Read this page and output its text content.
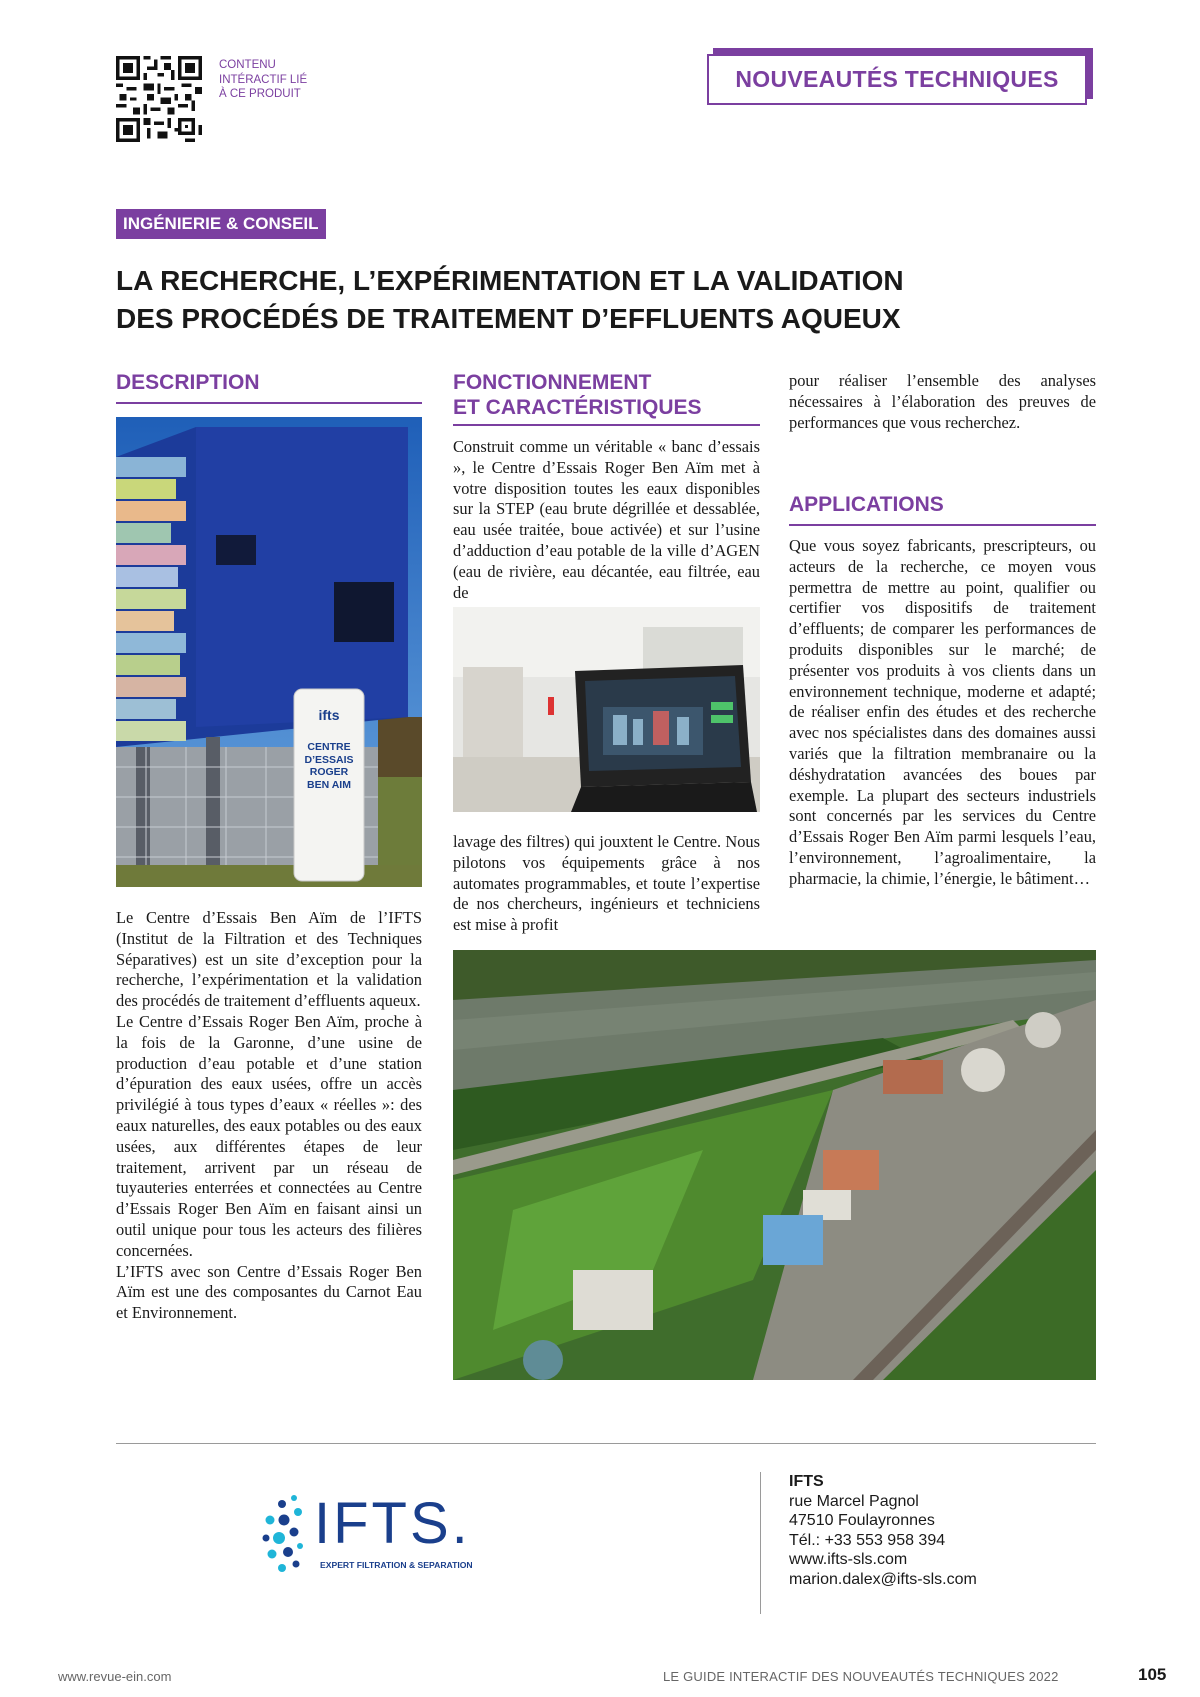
CONTENU
INTÉRACTIF LIÉ
À CE PRODUIT
NOUVEAUTÉS TECHNIQUES
INGÉNIERIE & CONSEIL
LA RECHERCHE, L’EXPÉRIMENTATION ET LA VALIDATION
DES PROCÉDÉS DE TRAITEMENT D’EFFLUENTS AQUEUX
DESCRIPTION
ifts
CENTRE
D’ESSAIS
ROGER
BEN AIM

Le Centre d’Essais Ben Aïm de l’IFTS (Institut de la Filtration et des Techniques Séparatives) est un site d’exception pour la recherche, l’expérimentation et la validation des procédés de traitement d’effluents aqueux.

Le Centre d’Essais Roger Ben Aïm, proche à la fois de la Garonne, d’une usine de production d’eau potable et d’une station d’épuration des eaux usées, offre un accès privilégié à tous types d’eaux « réelles »: des eaux naturelles, des eaux potables ou des eaux usées, aux différentes étapes de leur traitement, arrivent par un réseau de tuyauteries enterrées et connectées au Centre d’Essais Roger Ben Aïm en faisant ainsi un outil unique pour tous les acteurs des filières concernées.

L’IFTS avec son Centre d’Essais Roger Ben Aïm est une des composantes du Carnot Eau et Environnement.

FONCTIONNEMENT
ET CARACTÉRISTIQUES

Construit comme un véritable « banc d’essais », le Centre d’Essais Roger Ben Aïm met à votre disposition toutes les eaux disponibles sur la STEP (eau brute dégrillée et dessablée, eau usée traitée, boue activée) et sur l’usine d’adduction d’eau potable de la ville d’AGEN (eau de rivière, eau décantée, eau filtrée, eau de

lavage des filtres) qui jouxtent le Centre. Nous pilotons vos équipements grâce à nos automates programmables, et toute l’expertise de nos chercheurs, ingénieurs et techniciens est mise à profit

pour réaliser l’ensemble des analyses nécessaires à l’élaboration des preuves de performances que vous recherchez.

APPLICATIONS

Que vous soyez fabricants, prescripteurs, ou acteurs de la recherche, ce moyen vous permettra de mettre au point, qualifier ou certifier vos dispositifs de traitement d’effluents; de comparer les performances de produits disponibles sur le marché; de présenter vos produits à vos clients dans un environnement technique, moderne et adapté; de réaliser enfin des études et des recherche avec nos spécialistes dans des domaines aussi variés que la filtration membranaire ou la déshydratation avancées des boues par exemple. La plupart des secteurs industriels sont concernés par les services du Centre d’Essais Roger Ben Aïm parmi lesquels l’eau, l’environnement, l’agroalimentaire, la pharmacie, la chimie, l’énergie, le bâtiment…

IFTS.
EXPERT FILTRATION & SEPARATION
IFTS
rue Marcel Pagnol
47510 Foulayronnes
Tél.: +33 553 958 394
www.ifts-sls.com
marion.dalex@ifts-sls.com
www.revue-ein.com	LE GUIDE INTERACTIF DES NOUVEAUTÉS TECHNIQUES 2022	105
